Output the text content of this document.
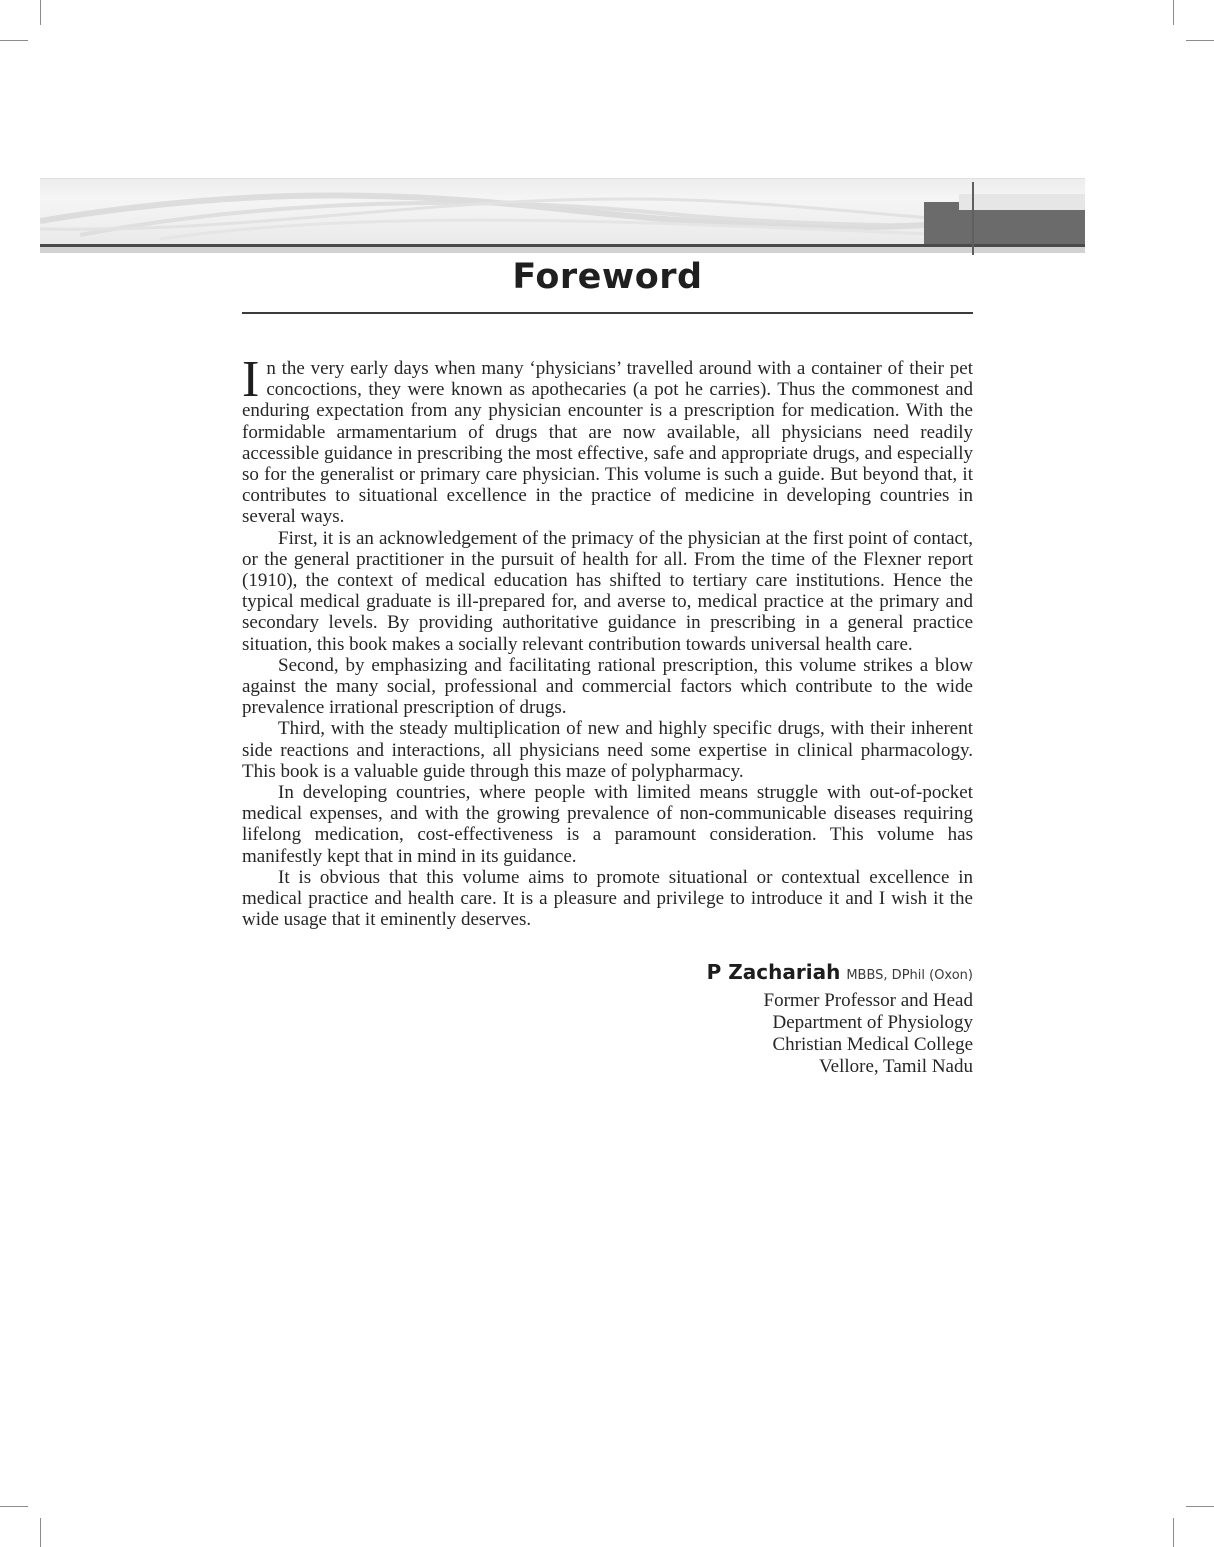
Foreword

In the very early days when many ‘physicians’ travelled around with a container of their pet concoctions, they were known as apothecaries (a pot he carries). Thus the commonest and enduring expectation from any physician encounter is a prescription for medication. With the formidable armamentarium of drugs that are now available, all physicians need readily accessible guidance in prescribing the most effective, safe and appropriate drugs, and especially so for the generalist or primary care physician. This volume is such a guide. But beyond that, it contributes to situational excellence in the practice of medicine in developing countries in several ways.

First, it is an acknowledgement of the primacy of the physician at the first point of contact, or the general practitioner in the pursuit of health for all. From the time of the Flexner report (1910), the context of medical education has shifted to tertiary care institutions. Hence the typical medical graduate is ill-prepared for, and averse to, medical practice at the primary and secondary levels. By providing authoritative guidance in prescribing in a general practice situation, this book makes a socially relevant contribution towards universal health care.

Second, by emphasizing and facilitating rational prescription, this volume strikes a blow against the many social, professional and commercial factors which contribute to the wide prevalence irrational prescription of drugs.

Third, with the steady multiplication of new and highly specific drugs, with their inherent side reactions and interactions, all physicians need some expertise in clinical pharmacology. This book is a valuable guide through this maze of polypharmacy.

In developing countries, where people with limited means struggle with out-of-pocket medical expenses, and with the growing prevalence of non-communicable diseases requiring lifelong medication, cost-effectiveness is a paramount consideration. This volume has manifestly kept that in mind in its guidance.

It is obvious that this volume aims to promote situational or contextual excellence in medical practice and health care. It is a pleasure and privilege to introduce it and I wish it the wide usage that it eminently deserves.

P Zachariah MBBS, DPhil (Oxon)
Former Professor and Head
Department of Physiology
Christian Medical College
Vellore, Tamil Nadu
